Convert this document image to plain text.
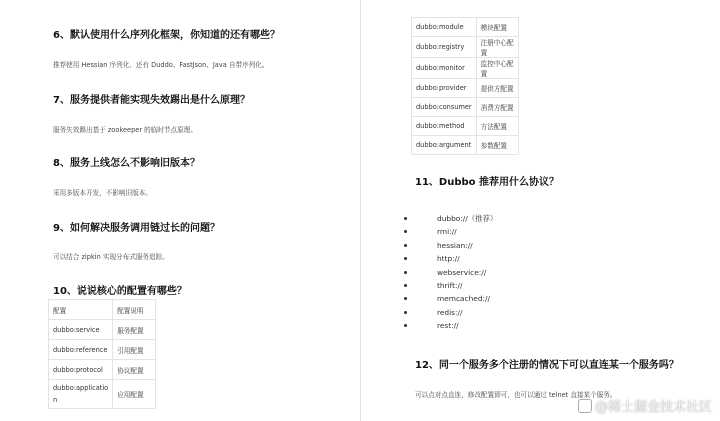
6、默认使用什么序列化框架，你知道的还有哪些？
推荐使用 Hessian 序列化、还有 Duddo、FastJson、Java 自带序列化。
7、服务提供者能实现失效踢出是什么原理？
服务失效踢出基于 zookeeper 的临时节点原理。
8、服务上线怎么不影响旧版本？
采用多版本开发，不影响旧版本。
9、如何解决服务调用链过长的问题？
可以结合 zipkin 实现分布式服务追踪。
10、说说核心的配置有哪些？
配置	配置说明
dubbo:service	服务配置
dubbo:reference	引用配置
dubbo:protocol	协议配置
dubbo:applicatio
n	应用配置
dubbo:module	模块配置
dubbo:registry	注册中心配置
dubbo:monitor	监控中心配置
dubbo:provider	提供方配置
dubbo:consumer	消费方配置
dubbo:method	方法配置
dubbo:argument	参数配置
11、Dubbo 推荐用什么协议？
dubbo://（推荐）
rmi://
hessian://
http://
webservice://
thrift://
memcached://
redis://
rest://
12、同一个服务多个注册的情况下可以直连某一个服务吗？
可以点对点直连，修改配置即可，也可以通过 telnet 直接某个服务。
@稀土掘金技术社区
